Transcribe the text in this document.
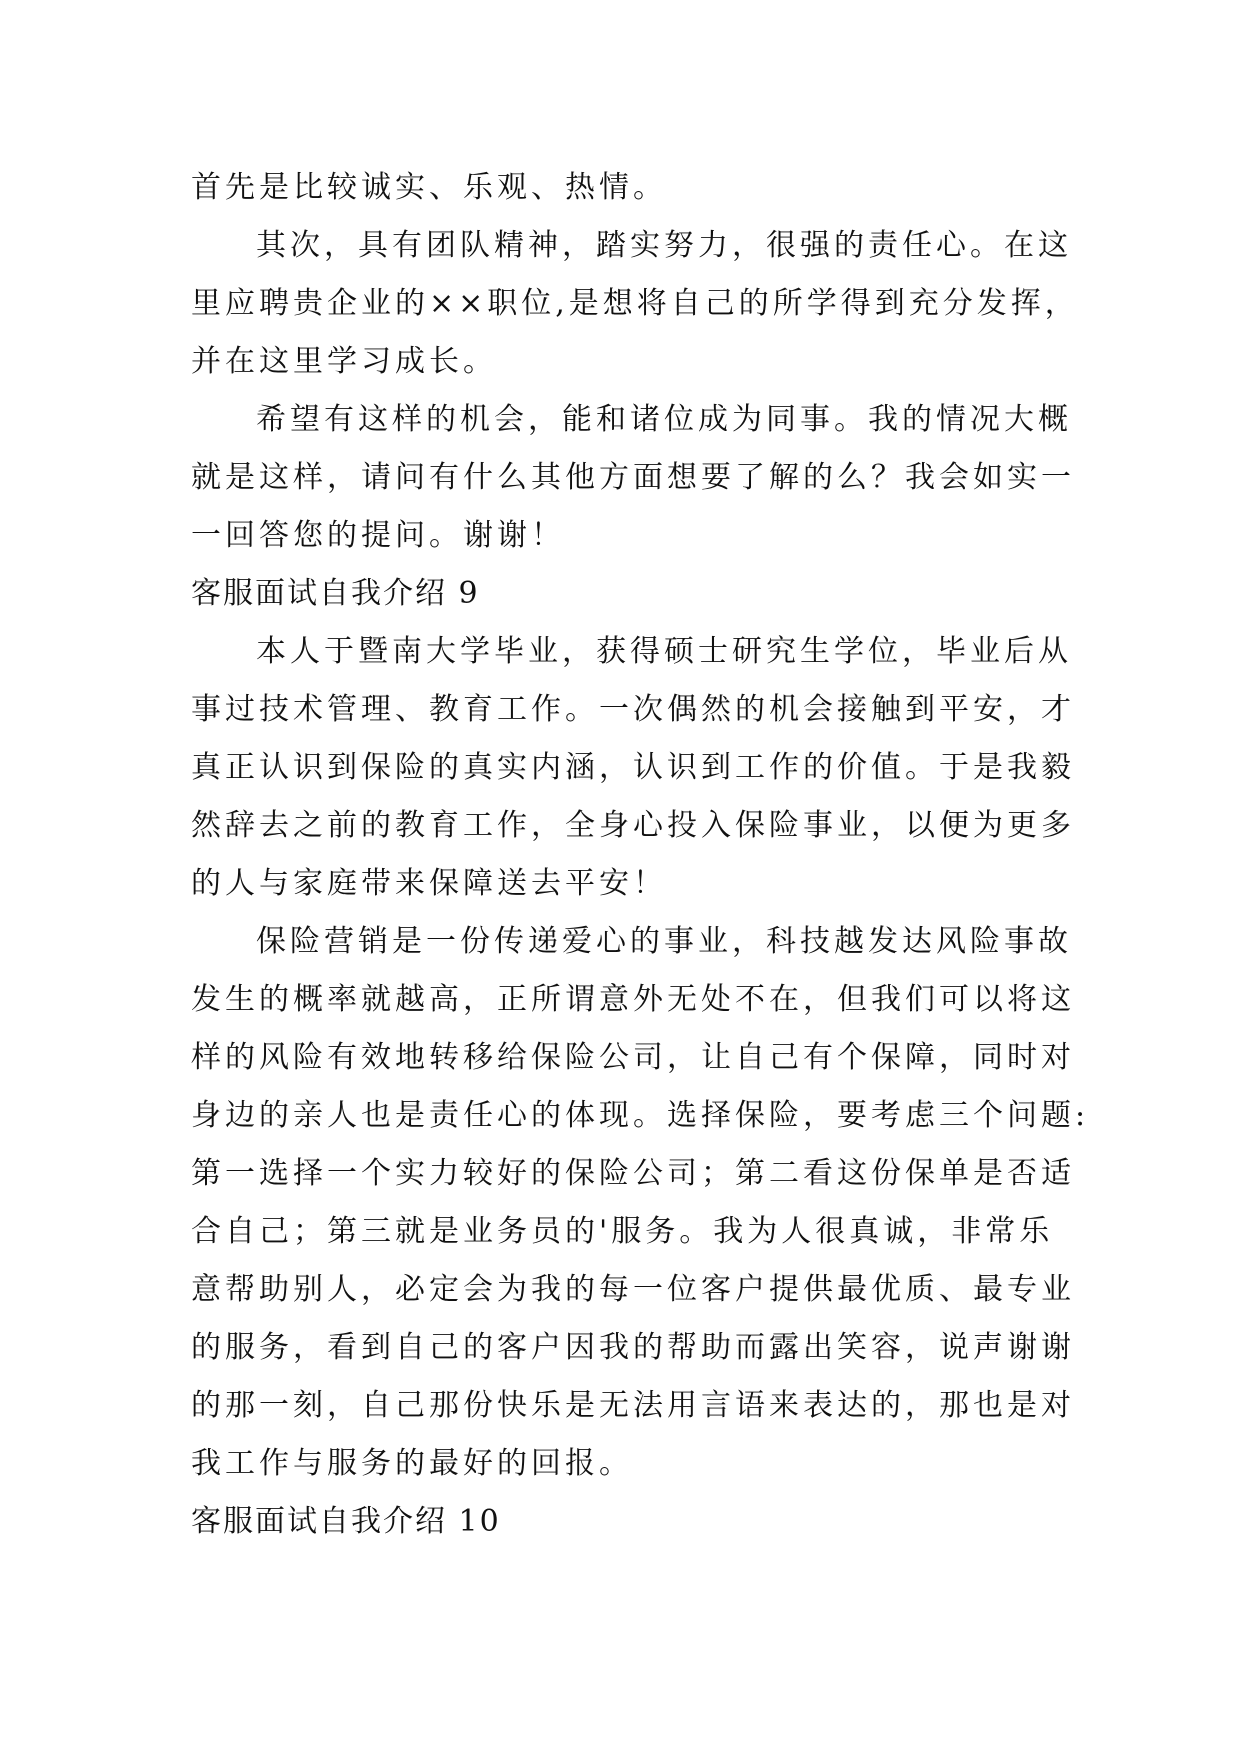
首先是比较诚实、乐观、热情。
其次，具有团队精神，踏实努力，很强的责任心。在这
里应聘贵企业的××职位,是想将自己的所学得到充分发挥，
并在这里学习成长。
希望有这样的机会，能和诸位成为同事。我的情况大概
就是这样，请问有什么其他方面想要了解的么？我会如实一
一回答您的提问。谢谢！
客服面试自我介绍 9
本人于暨南大学毕业，获得硕士研究生学位，毕业后从
事过技术管理、教育工作。一次偶然的机会接触到平安，才
真正认识到保险的真实内涵，认识到工作的价值。于是我毅
然辞去之前的教育工作，全身心投入保险事业，以便为更多
的人与家庭带来保障送去平安！
保险营销是一份传递爱心的事业，科技越发达风险事故
发生的概率就越高，正所谓意外无处不在，但我们可以将这
样的风险有效地转移给保险公司，让自己有个保障，同时对
身边的亲人也是责任心的体现。选择保险，要考虑三个问题:
第一选择一个实力较好的保险公司；第二看这份保单是否适
合自己；第三就是业务员的'服务。我为人很真诚，非常乐
意帮助别人，必定会为我的每一位客户提供最优质、最专业
的服务，看到自己的客户因我的帮助而露出笑容，说声谢谢
的那一刻，自己那份快乐是无法用言语来表达的，那也是对
我工作与服务的最好的回报。
客服面试自我介绍 10
